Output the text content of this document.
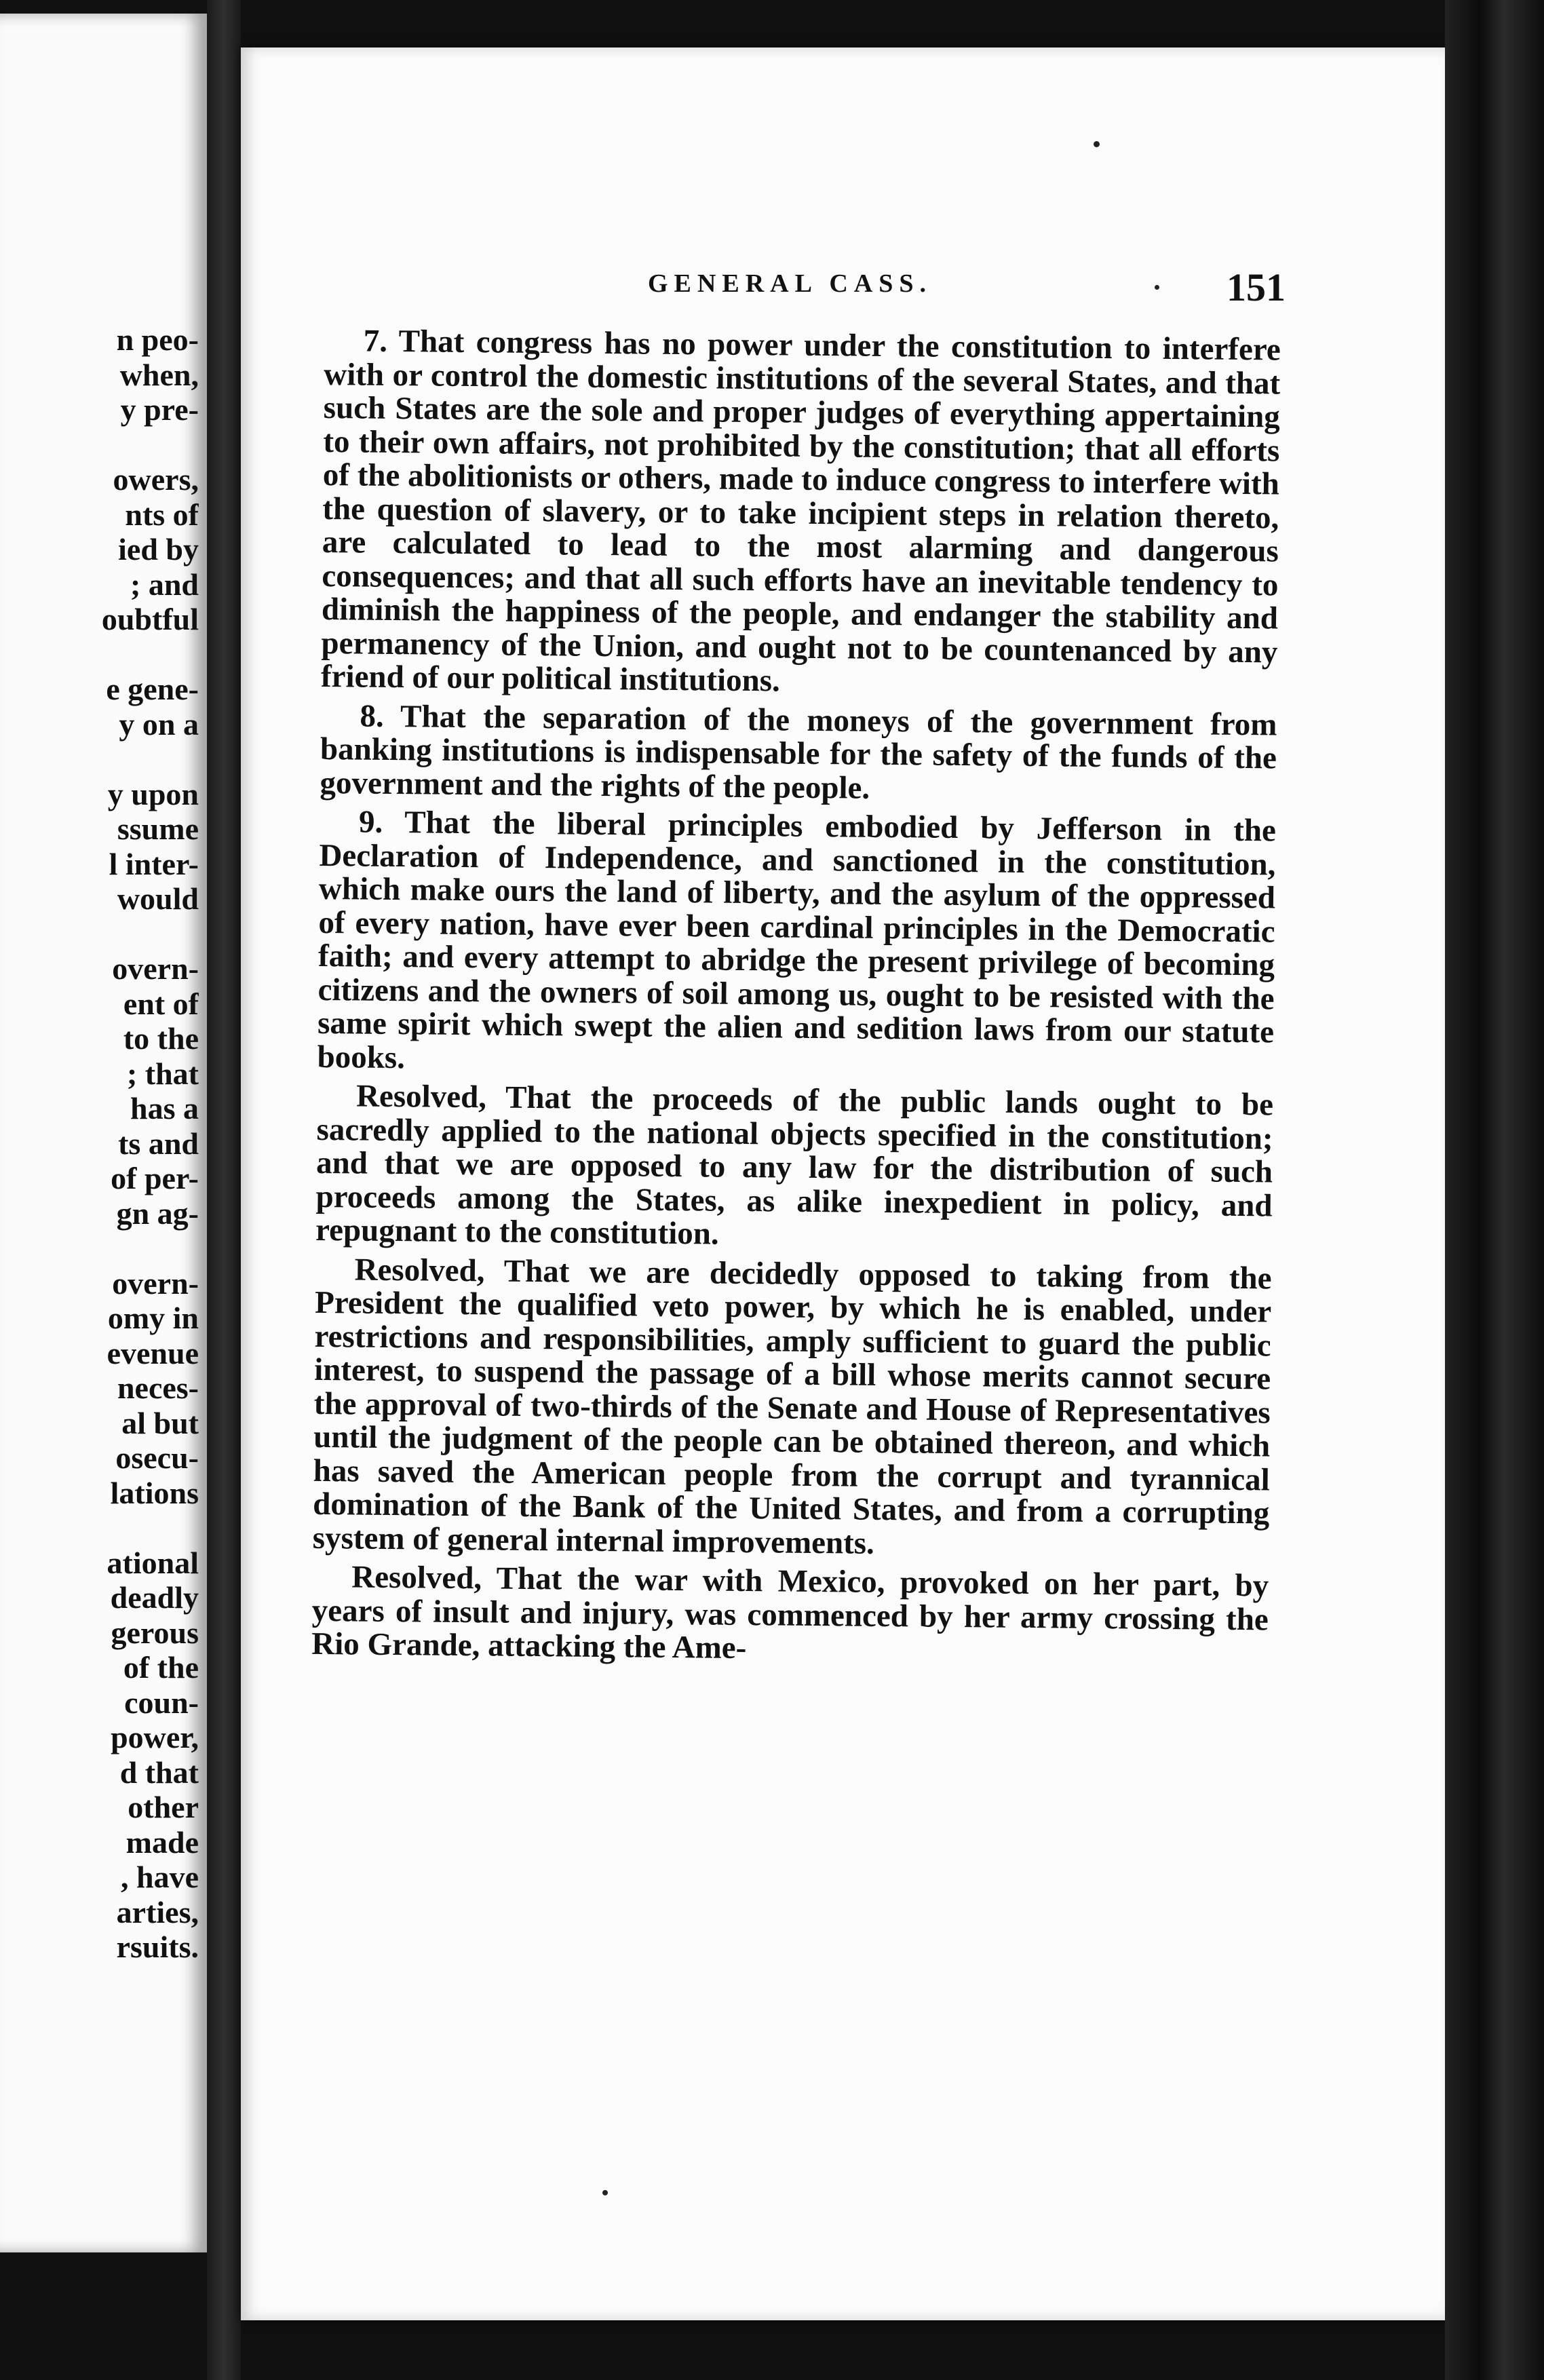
n peo-
when,
y pre-
owers,
nts of
ied by
; and
oubtful
e gene-
y on a
y upon
ssume
l inter-
would
overn-
ent of
to the
; that
has a
ts and
of per-
gn ag-
overn-
omy in
evenue
neces-
al but
osecu-
lations
ational
deadly
gerous
of the
coun-
power,
d that
other
made
, have
arties,
rsuits.
GENERAL CASS.	151

7. That congress has no power under the constitution to interfere with or control the domestic institutions of the several States, and that such States are the sole and proper judges of everything appertaining to their own affairs, not prohibited by the constitution; that all efforts of the abolitionists or others, made to induce congress to interfere with the question of slavery, or to take incipient steps in relation thereto, are calculated to lead to the most alarming and dangerous consequences; and that all such efforts have an inevitable tendency to diminish the happiness of the people, and endanger the stability and permanency of the Union, and ought not to be countenanced by any friend of our political institutions.

8. That the separation of the moneys of the government from banking institutions is indispensable for the safety of the funds of the government and the rights of the people.

9. That the liberal principles embodied by Jefferson in the Declaration of Independence, and sanctioned in the constitution, which make ours the land of liberty, and the asylum of the oppressed of every nation, have ever been cardinal principles in the Democratic faith; and every attempt to abridge the present privilege of becoming citizens and the owners of soil among us, ought to be resisted with the same spirit which swept the alien and sedition laws from our statute books.

Resolved, That the proceeds of the public lands ought to be sacredly applied to the national objects specified in the constitution; and that we are opposed to any law for the distribution of such proceeds among the States, as alike inexpedient in policy, and repugnant to the constitution.

Resolved, That we are decidedly opposed to taking from the President the qualified veto power, by which he is enabled, under restrictions and responsibilities, amply sufficient to guard the public interest, to suspend the passage of a bill whose merits cannot secure the approval of two-thirds of the Senate and House of Representatives until the judgment of the people can be obtained thereon, and which has saved the American people from the corrupt and tyrannical domination of the Bank of the United States, and from a corrupting system of general internal improvements.

Resolved, That the war with Mexico, provoked on her part, by years of insult and injury, was commenced by her army crossing the Rio Grande, attacking the Ame-
